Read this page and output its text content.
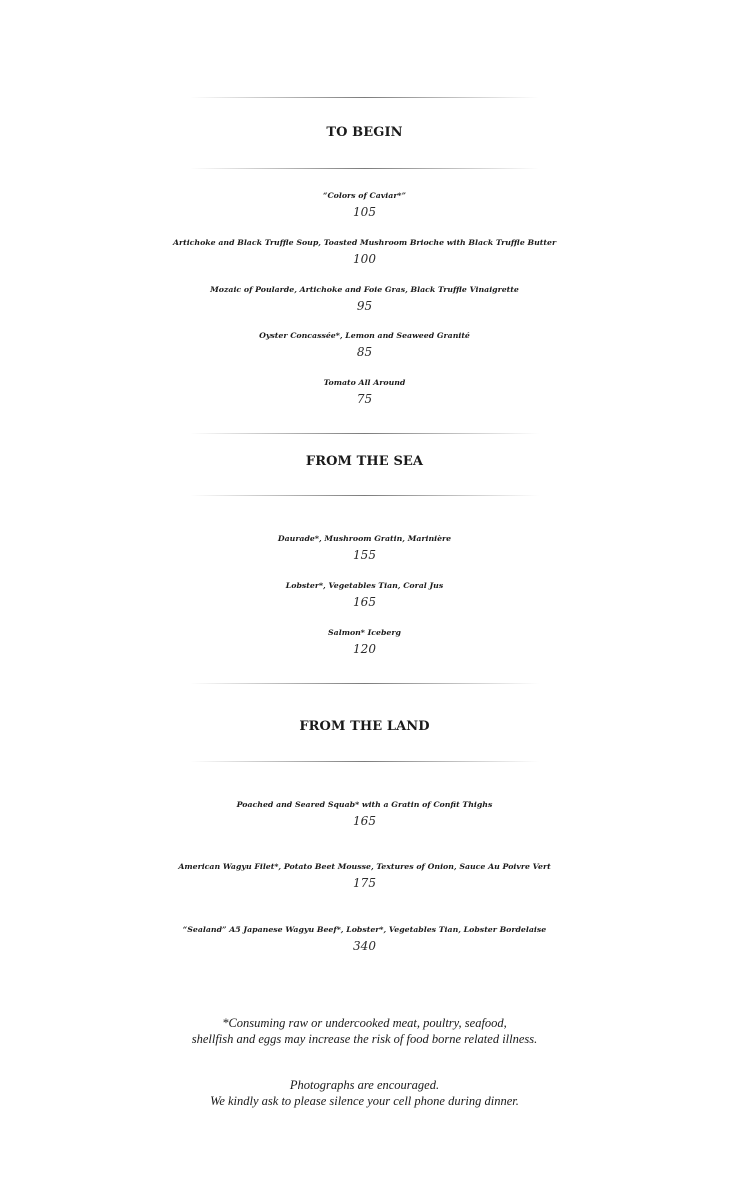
TO BEGIN
“Colors of Caviar*”
105
Artichoke and Black Truffle Soup, Toasted Mushroom Brioche with Black Truffle Butter
100
Mozaic of Poularde, Artichoke and Foie Gras, Black Truffle Vinaigrette
95
Oyster Concassée*, Lemon and Seaweed Granité
85
Tomato All Around
75
FROM THE SEA
Daurade*, Mushroom Gratin, Marinière
155
Lobster*, Vegetables Tian, Coral Jus
165
Salmon* Iceberg
120
FROM THE LAND
Poached and Seared Squab* with a Gratin of Confit Thighs
165
American Wagyu Filet*, Potato Beet Mousse, Textures of Onion, Sauce Au Poivre Vert
175
“Sealand” A5 Japanese Wagyu Beef*, Lobster*, Vegetables Tian, Lobster Bordelaise
340
*Consuming raw or undercooked meat, poultry, seafood,
shellfish and eggs may increase the risk of food borne related illness.
Photographs are encouraged.
We kindly ask to please silence your cell phone during dinner.
